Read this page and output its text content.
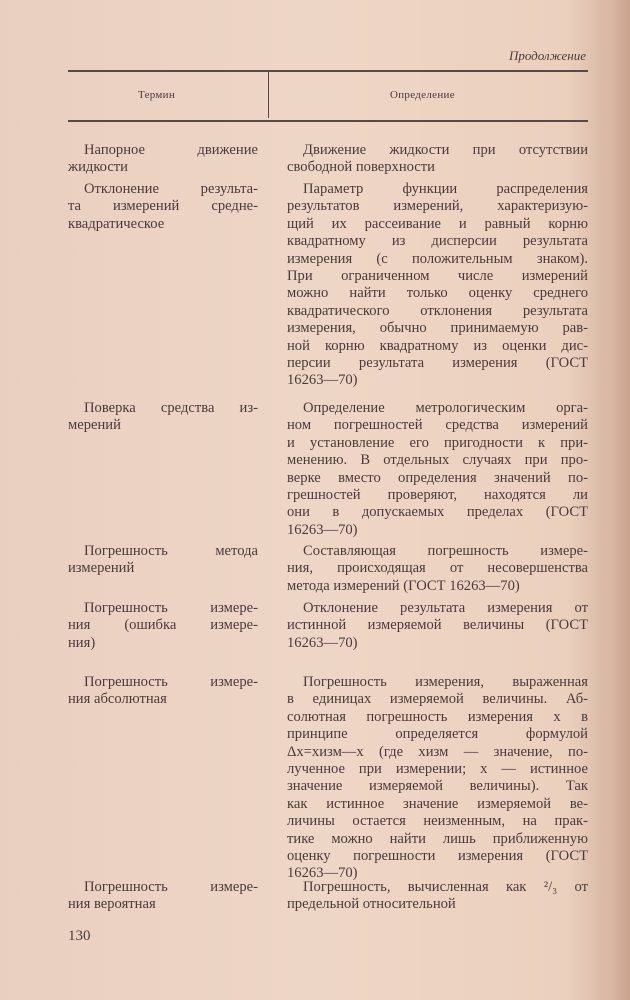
Продолжение
Термин	Определение
Напорное движение
жидкости
Движение жидкости при отсутствии
свободной поверхности
Отклонение результа-
та измерений средне-
квадратическое
Параметр функции распределения
результатов измерений, характеризую-
щий их рассеивание и равный корню
квадратному из дисперсии результата
измерения (с положительным знаком).
При ограниченном числе измерений
можно найти только оценку среднего
квадратического отклонения результата
измерения, обычно принимаемую рав-
ной корню квадратному из оценки дис-
персии результата измерения (ГОСТ
16263—70)
Поверка средства из-
мерений
Определение метрологическим орга-
ном погрешностей средства измерений
и установление его пригодности к при-
менению. В отдельных случаях при про-
верке вместо определения значений по-
грешностей проверяют, находятся ли
они в допускаемых пределах (ГОСТ
16263—70)
Погрешность метода
измерений
Составляющая погрешность измере-
ния, происходящая от несовершенства
метода измерений (ГОСТ 16263—70)
Погрешность измере-
ния (ошибка измере-
ния)
Отклонение результата измерения от
истинной измеряемой величины (ГОСТ
16263—70)
Погрешность измере-
ния абсолютная
Погрешность измерения, выраженная
в единицах измеряемой величины. Аб-
солютная погрешность измерения x в
принципе определяется формулой
Δx=xизм—x (где xизм — значение, по-
лученное при измерении; x — истинное
значение измеряемой величины). Так
как истинное значение измеряемой ве-
личины остается неизменным, на прак-
тике можно найти лишь приближенную
оценку погрешности измерения (ГОСТ
16263—70)
Погрешность измере-
ния вероятная
Погрешность, вычисленная как ²/₃ от
предельной относительной
130
